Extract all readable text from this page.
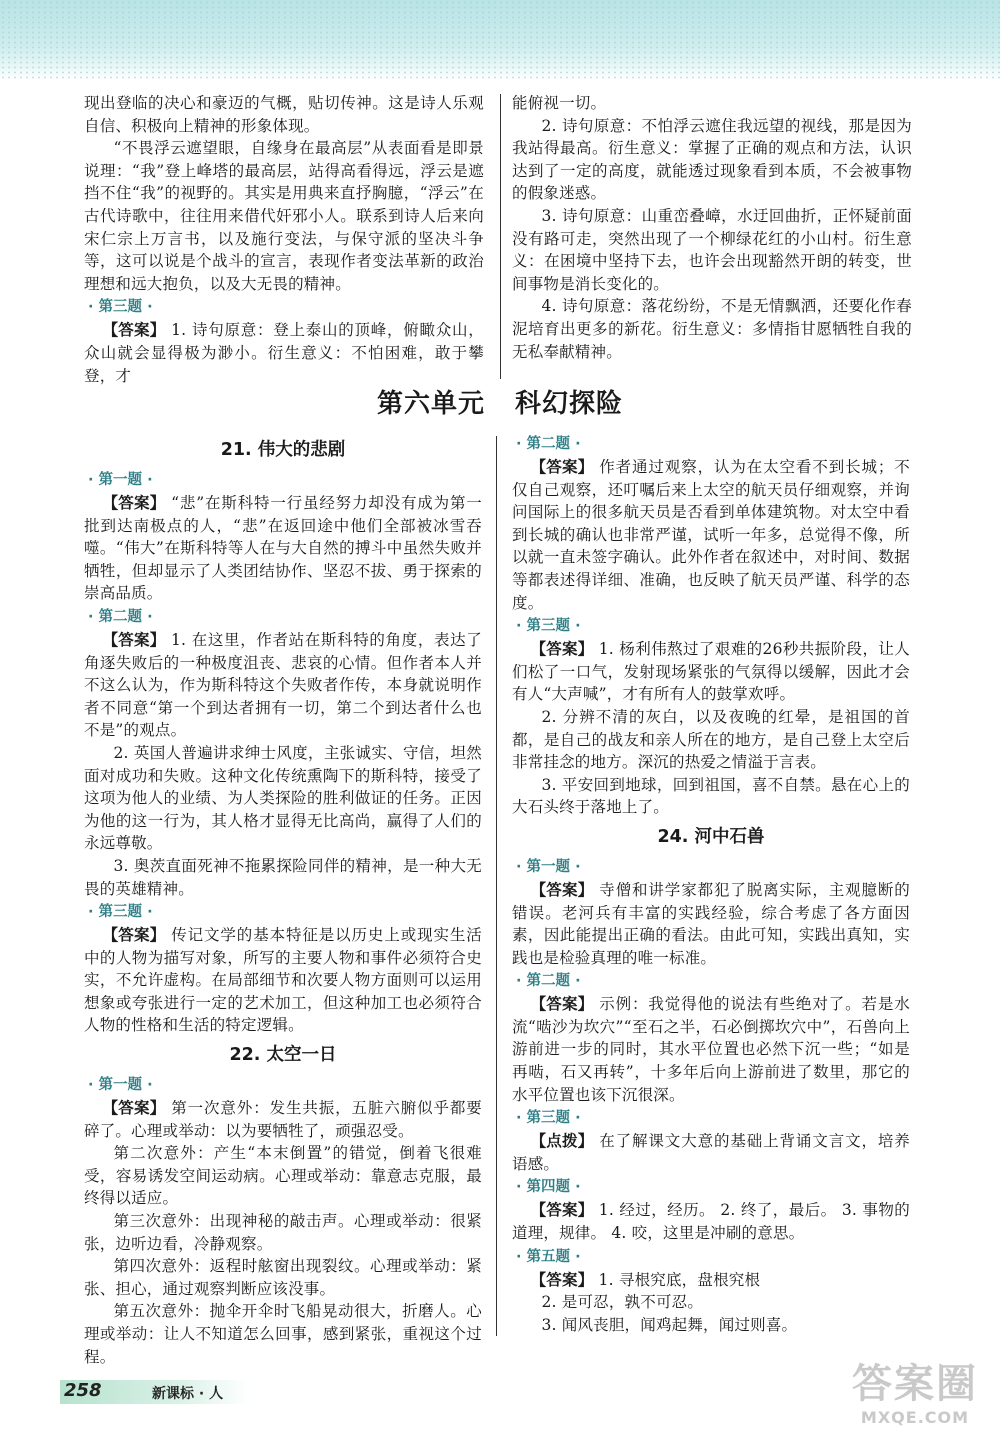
现出登临的决心和豪迈的气概，贴切传神。这是诗人乐观自信、积极向上精神的形象体现。

“不畏浮云遮望眼，自缘身在最高层”从表面看是即景说理：“我”登上峰塔的最高层，站得高看得远，浮云是遮挡不住“我”的视野的。其实是用典来直抒胸臆，“浮云”在古代诗歌中，往往用来借代奸邪小人。联系到诗人后来向宋仁宗上万言书，以及施行变法，与保守派的坚决斗争等，这可以说是个战斗的宣言，表现作者变法革新的政治理想和远大抱负，以及大无畏的精神。

· 第三题 ·

【答案】 1. 诗句原意：登上泰山的顶峰，俯瞰众山，众山就会显得极为渺小。衍生意义：不怕困难，敢于攀登，才

能俯视一切。

2. 诗句原意：不怕浮云遮住我远望的视线，那是因为我站得最高。衍生意义：掌握了正确的观点和方法，认识达到了一定的高度，就能透过现象看到本质，不会被事物的假象迷惑。

3. 诗句原意：山重峦叠嶂，水迂回曲折，正怀疑前面没有路可走，突然出现了一个柳绿花红的小山村。衍生意义：在困境中坚持下去，也许会出现豁然开朗的转变，世间事物是消长变化的。

4. 诗句原意：落花纷纷，不是无情飘洒，还要化作春泥培育出更多的新花。衍生意义：多情指甘愿牺牲自我的无私奉献精神。

第六单元 科幻探险

21. 伟大的悲剧

· 第一题 ·

【答案】 “悲”在斯科特一行虽经努力却没有成为第一批到达南极点的人，“悲”在返回途中他们全部被冰雪吞噬。“伟大”在斯科特等人在与大自然的搏斗中虽然失败并牺牲，但却显示了人类团结协作、坚忍不拔、勇于探索的崇高品质。

· 第二题 ·

【答案】 1. 在这里，作者站在斯科特的角度，表达了角逐失败后的一种极度沮丧、悲哀的心情。但作者本人并不这么认为，作为斯科特这个失败者作传，本身就说明作者不同意“第一个到达者拥有一切，第二个到达者什么也不是”的观点。

2. 英国人普遍讲求绅士风度，主张诚实、守信，坦然面对成功和失败。这种文化传统熏陶下的斯科特，接受了这项为他人的业绩、为人类探险的胜利做证的任务。正因为他的这一行为，其人格才显得无比高尚，赢得了人们的永远尊敬。

3. 奥茨直面死神不拖累探险同伴的精神，是一种大无畏的英雄精神。

· 第三题 ·

【答案】 传记文学的基本特征是以历史上或现实生活中的人物为描写对象，所写的主要人物和事件必须符合史实，不允许虚构。在局部细节和次要人物方面则可以运用想象或夸张进行一定的艺术加工，但这种加工也必须符合人物的性格和生活的特定逻辑。

22. 太空一日

· 第一题 ·

【答案】 第一次意外：发生共振，五脏六腑似乎都要碎了。心理或举动：以为要牺牲了，顽强忍受。

第二次意外：产生“本末倒置”的错觉，倒着飞很难受，容易诱发空间运动病。心理或举动：靠意志克服，最终得以适应。

第三次意外：出现神秘的敲击声。心理或举动：很紧张，边听边看，冷静观察。

第四次意外：返程时舷窗出现裂纹。心理或举动：紧张、担心，通过观察判断应该没事。

第五次意外：抛伞开伞时飞船晃动很大，折磨人。心理或举动：让人不知道怎么回事，感到紧张，重视这个过程。

· 第二题 ·

【答案】 作者通过观察，认为在太空看不到长城；不仅自己观察，还叮嘱后来上太空的航天员仔细观察，并询问国际上的很多航天员是否看到单体建筑物。对太空中看到长城的确认也非常严谨，试听一年多，总觉得不像，所以就一直未签字确认。此外作者在叙述中，对时间、数据等都表述得详细、准确，也反映了航天员严谨、科学的态度。

· 第三题 ·

【答案】 1. 杨利伟熬过了艰难的26秒共振阶段，让人们松了一口气，发射现场紧张的气氛得以缓解，因此才会有人“大声喊”，才有所有人的鼓掌欢呼。

2. 分辨不清的灰白，以及夜晚的红晕，是祖国的首都，是自己的战友和亲人所在的地方，是自己登上太空后非常挂念的地方。深沉的热爱之情溢于言表。

3. 平安回到地球，回到祖国，喜不自禁。悬在心上的大石头终于落地上了。

24. 河中石兽

· 第一题 ·

【答案】 寺僧和讲学家都犯了脱离实际，主观臆断的错误。老河兵有丰富的实践经验，综合考虑了各方面因素，因此能提出正确的看法。由此可知，实践出真知，实践也是检验真理的唯一标准。

· 第二题 ·

【答案】 示例：我觉得他的说法有些绝对了。若是水流“啮沙为坎穴”“至石之半，石必倒掷坎穴中”，石兽向上游前进一步的同时，其水平位置也必然下沉一些；“如是再啮，石又再转”，十多年后向上游前进了数里，那它的水平位置也该下沉很深。

· 第三题 ·

【点拨】 在了解课文大意的基础上背诵文言文，培养语感。

· 第四题 ·

【答案】 1. 经过，经历。 2. 终了，最后。 3. 事物的道理，规律。 4. 咬，这里是冲刷的意思。

· 第五题 ·

【答案】 1. 寻根究底，盘根究根

2. 是可忍，孰不可忍。

3. 闻风丧胆，闻鸡起舞，闻过则喜。

258	新课标 · 人	答案圈
MXQE.COM
